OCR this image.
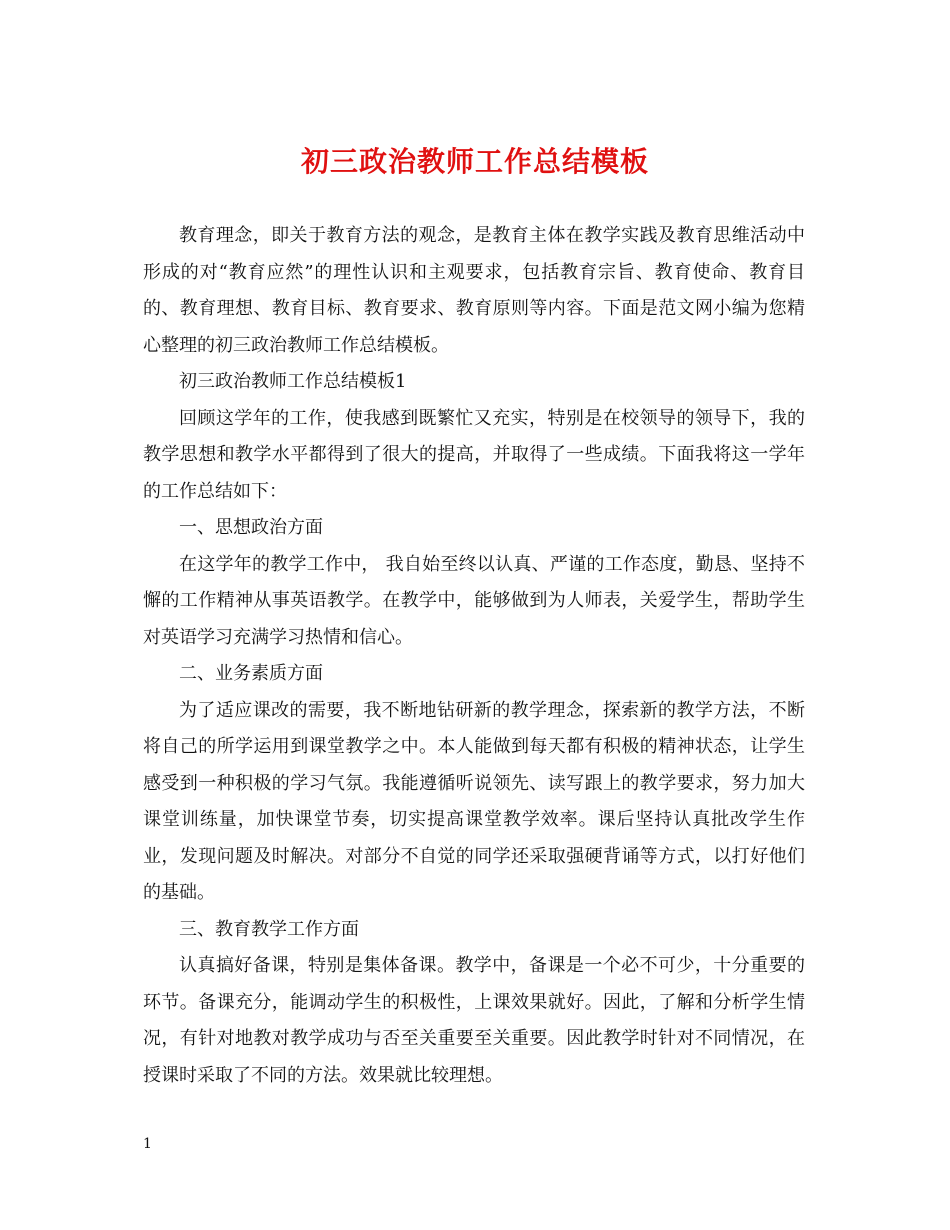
初三政治教师工作总结模板

教育理念，即关于教育方法的观念，是教育主体在教学实践及教育思维活动中形成的对“教育应然”的理性认识和主观要求，包括教育宗旨、教育使命、教育目的、教育理想、教育目标、教育要求、教育原则等内容。下面是范文网小编为您精心整理的初三政治教师工作总结模板。

初三政治教师工作总结模板1

回顾这学年的工作，使我感到既繁忙又充实，特别是在校领导的领导下，我的教学思想和教学水平都得到了很大的提高，并取得了一些成绩。下面我将这一学年的工作总结如下：

一、思想政治方面

在这学年的教学工作中， 我自始至终以认真、严谨的工作态度，勤恳、坚持不懈的工作精神从事英语教学。在教学中，能够做到为人师表，关爱学生，帮助学生对英语学习充满学习热情和信心。

二、业务素质方面

为了适应课改的需要，我不断地钻研新的教学理念，探索新的教学方法，不断将自己的所学运用到课堂教学之中。本人能做到每天都有积极的精神状态，让学生感受到一种积极的学习气氛。我能遵循听说领先、读写跟上的教学要求，努力加大课堂训练量，加快课堂节奏，切实提高课堂教学效率。课后坚持认真批改学生作业，发现问题及时解决。对部分不自觉的同学还采取强硬背诵等方式，以打好他们的基础。

三、教育教学工作方面

认真搞好备课，特别是集体备课。教学中，备课是一个必不可少，十分重要的环节。备课充分，能调动学生的积极性，上课效果就好。因此，了解和分析学生情况，有针对地教对教学成功与否至关重要至关重要。因此教学时针对不同情况，在授课时采取了不同的方法。效果就比较理想。

1
